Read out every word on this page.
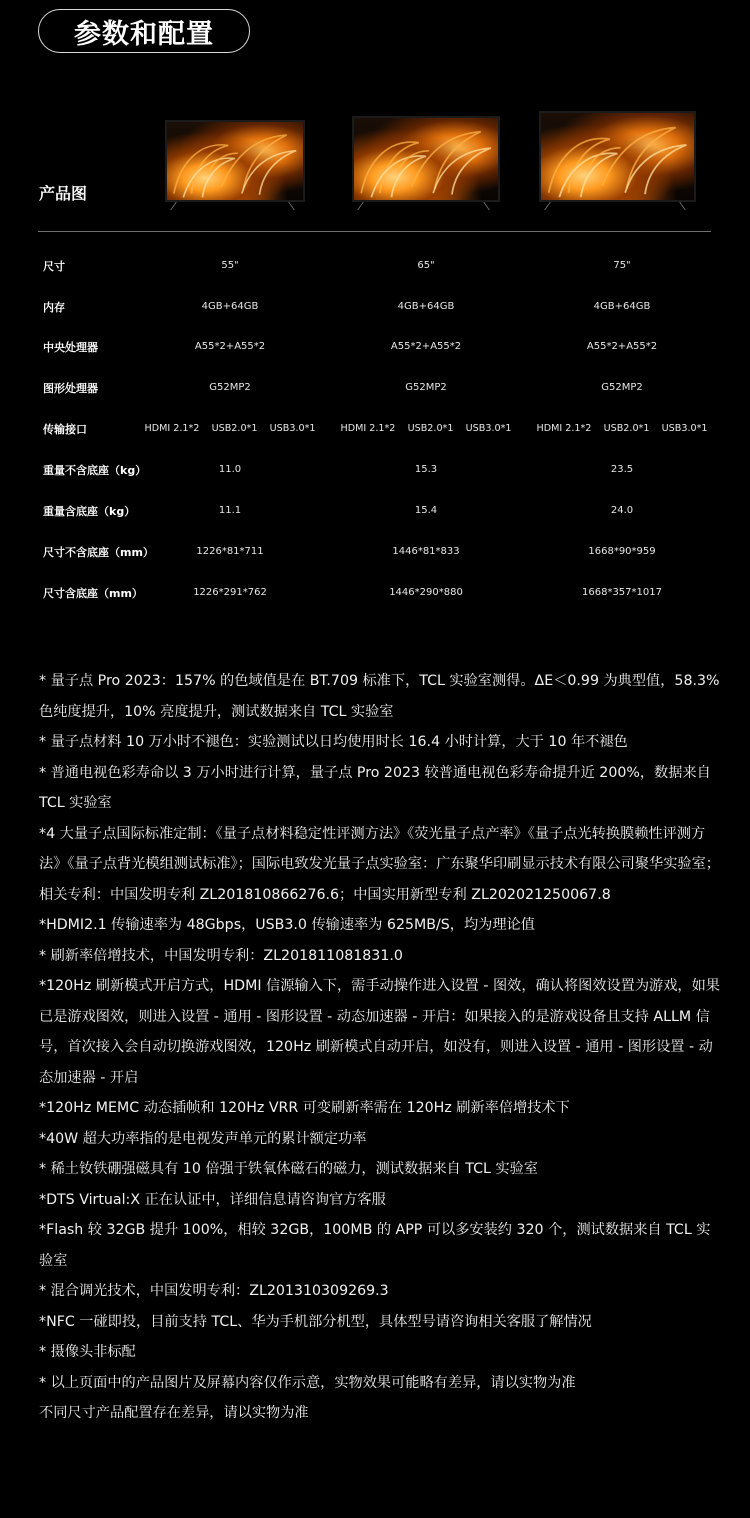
参数和配置
产品图
尺寸	55"	65"	75"
内存	4GB+64GB	4GB+64GB	4GB+64GB
中央处理器	A55*2+A55*2	A55*2+A55*2	A55*2+A55*2
图形处理器	G52MP2	G52MP2	G52MP2
传输接口	HDMI 2.1*2    USB2.0*1    USB3.0*1	HDMI 2.1*2    USB2.0*1    USB3.0*1	HDMI 2.1*2    USB2.0*1    USB3.0*1
重量不含底座（kg）	11.0	15.3	23.5
重量含底座（kg）	11.1	15.4	24.0
尺寸不含底座（mm）	1226*81*711	1446*81*833	1668*90*959
尺寸含底座（mm）	1226*291*762	1446*290*880	1668*357*1017

* 量子点 Pro 2023：157% 的色域值是在 BT.709 标准下，TCL 实验室测得。ΔE＜0.99 为典型值，58.3% 色纯度提升，10% 亮度提升，测试数据来自 TCL 实验室

* 量子点材料 10 万小时不褪色：实验测试以日均使用时长 16.4 小时计算，大于 10 年不褪色

* 普通电视色彩寿命以 3 万小时进行计算，量子点 Pro 2023 较普通电视色彩寿命提升近 200%，数据来自 TCL 实验室

*4 大量子点国际标准定制：《量子点材料稳定性评测方法》《荧光量子点产率》《量子点光转换膜赖性评测方法》《量子点背光模组测试标准》；国际电致发光量子点实验室：广东聚华印刷显示技术有限公司聚华实验室；相关专利：中国发明专利 ZL201810866276.6；中国实用新型专利 ZL202021250067.8

*HDMI2.1 传输速率为 48Gbps，USB3.0 传输速率为 625MB/S，均为理论值

* 刷新率倍增技术，中国发明专利：ZL201811081831.0

*120Hz 刷新模式开启方式，HDMI 信源输入下，需手动操作进入设置 - 图效，确认将图效设置为游戏，如果已是游戏图效，则进入设置 - 通用 - 图形设置 - 动态加速器 - 开启：如果接入的是游戏设备且支持 ALLM 信号，首次接入会自动切换游戏图效，120Hz 刷新模式自动开启，如没有，则进入设置 - 通用 - 图形设置 - 动态加速器 - 开启

*120Hz MEMC 动态插帧和 120Hz VRR 可变刷新率需在 120Hz 刷新率倍增技术下

*40W 超大功率指的是电视发声单元的累计额定功率

* 稀土钕铁硼强磁具有 10 倍强于铁氧体磁石的磁力，测试数据来自 TCL 实验室

*DTS Virtual:X 正在认证中，详细信息请咨询官方客服

*Flash 较 32GB 提升 100%，相较 32GB，100MB 的 APP 可以多安装约 320 个，测试数据来自 TCL 实验室

* 混合调光技术，中国发明专利：ZL201310309269.3

*NFC 一碰即投，目前支持 TCL、华为手机部分机型，具体型号请咨询相关客服了解情况

* 摄像头非标配

* 以上页面中的产品图片及屏幕内容仅作示意，实物效果可能略有差异，请以实物为准

不同尺寸产品配置存在差异，请以实物为准
